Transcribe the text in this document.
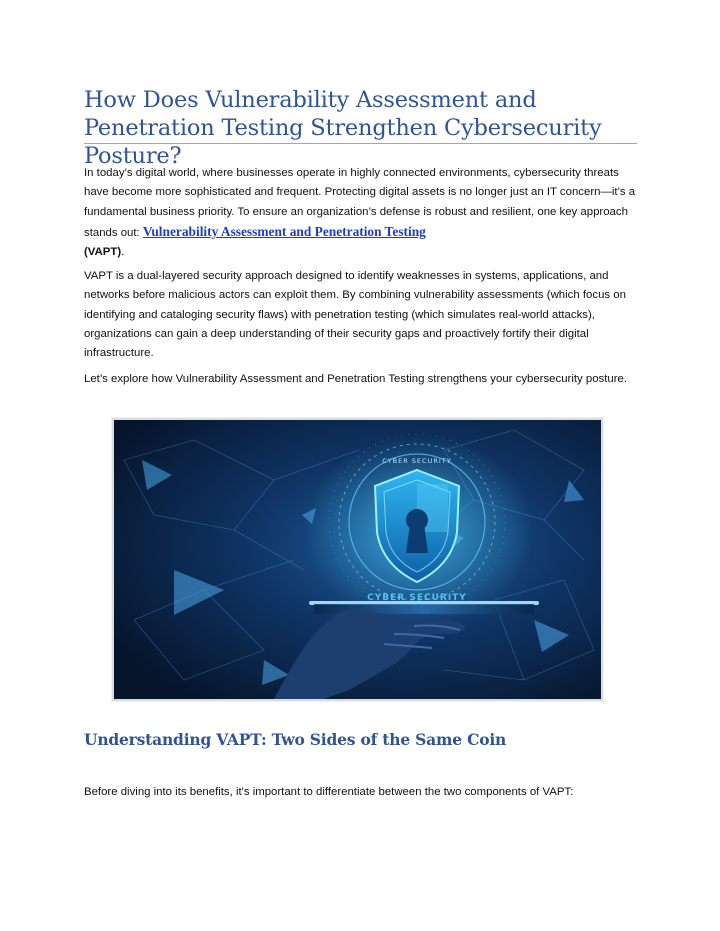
How Does Vulnerability Assessment and Penetration Testing Strengthen Cybersecurity Posture?

In today’s digital world, where businesses operate in highly connected environments, cybersecurity threats have become more sophisticated and frequent. Protecting digital assets is no longer just an IT concern—it’s a fundamental business priority. To ensure an organization’s defense is robust and resilient, one key approach stands out: Vulnerability Assessment and Penetration Testing
(VAPT).

VAPT is a dual-layered security approach designed to identify weaknesses in systems, applications, and networks before malicious actors can exploit them. By combining vulnerability assessments (which focus on identifying and cataloging security flaws) with penetration testing (which simulates real-world attacks), organizations can gain a deep understanding of their security gaps and proactively fortify their digital infrastructure.

Let’s explore how Vulnerability Assessment and Penetration Testing strengthens your cybersecurity posture.

CYBER SECURITY
CYBER SECURITY
Understanding VAPT: Two Sides of the Same Coin

Before diving into its benefits, it's important to differentiate between the two components of VAPT:
